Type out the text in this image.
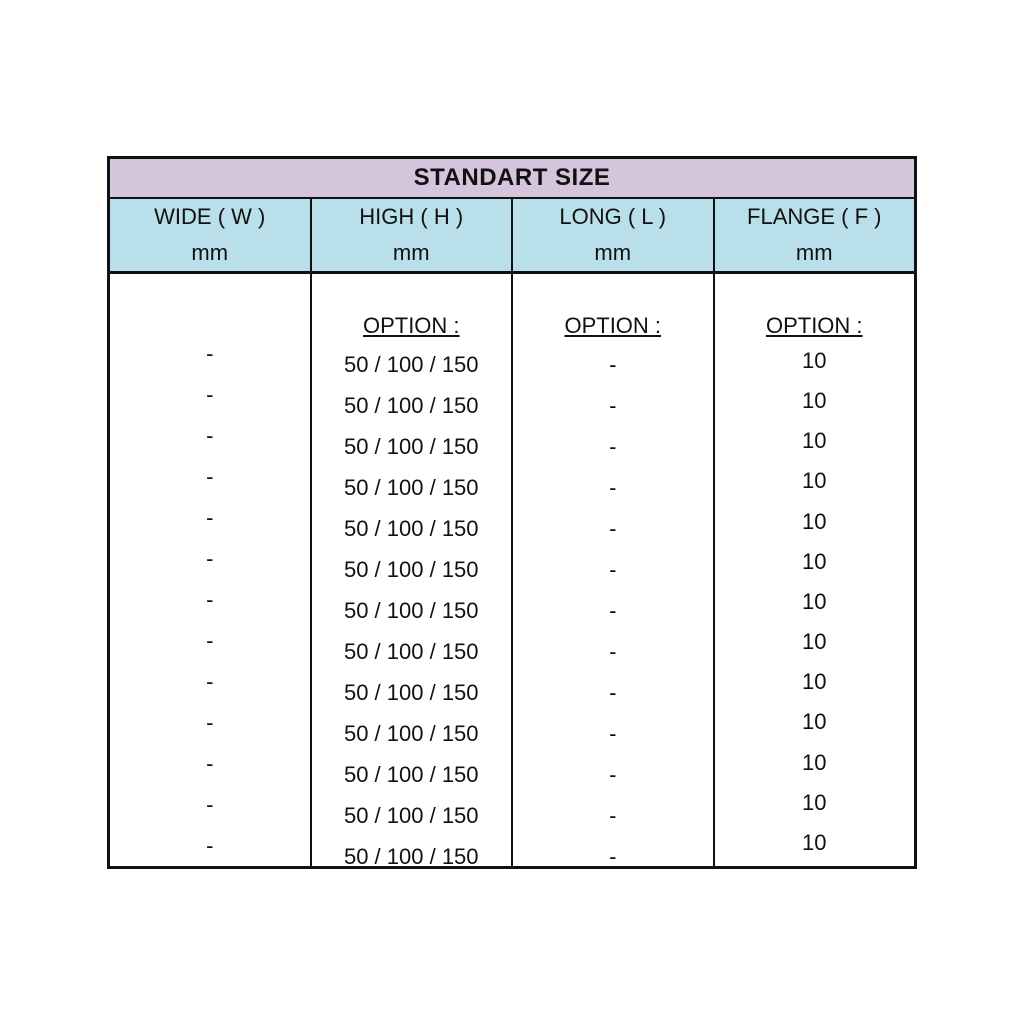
STANDART SIZE
WIDE ( W )
mm
HIGH ( H )
mm
LONG ( L )
mm
FLANGE ( F )
mm
-
-
-
-
-
-
-
-
-
-
-
-
-
OPTION :
50 / 100 / 150
50 / 100 / 150
50 / 100 / 150
50 / 100 / 150
50 / 100 / 150
50 / 100 / 150
50 / 100 / 150
50 / 100 / 150
50 / 100 / 150
50 / 100 / 150
50 / 100 / 150
50 / 100 / 150
50 / 100 / 150
OPTION :
-
-
-
-
-
-
-
-
-
-
-
-
-
OPTION :
10
10
10
10
10
10
10
10
10
10
10
10
10
